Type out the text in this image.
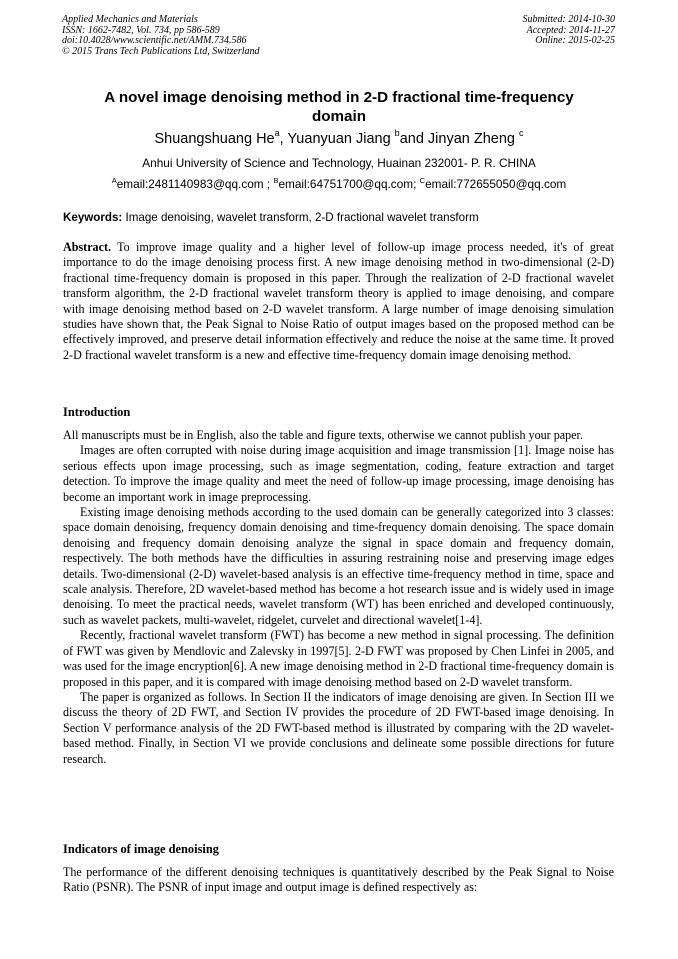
Applied Mechanics and Materials
ISSN: 1662-7482, Vol. 734, pp 586-589
doi:10.4028/www.scientific.net/AMM.734.586
© 2015 Trans Tech Publications Ltd, Switzerland
Submitted: 2014-10-30
Accepted: 2014-11-27
Online: 2015-02-25
A novel image denoising method in 2-D fractional time-frequency domain
Shuangshuang He$^a$, Yuanyuan Jiang $^b$and Jinyan Zheng $^c$
Anhui University of Science and Technology, Huainan 232001- P. R. CHINA
$^A$email:2481140983@qq.com ; $^B$email:64751700@qq.com; $^C$email:772655050@qq.com
Keywords: Image denoising, wavelet transform, 2-D fractional wavelet transform
Abstract. To improve image quality and a higher level of follow-up image process needed, it's of great importance to do the image denoising process first. A new image denoising method in two-dimensional (2-D) fractional time-frequency domain is proposed in this paper. Through the realization of 2-D fractional wavelet transform algorithm, the 2-D fractional wavelet transform theory is applied to image denoising, and compare with image denoising method based on 2-D wavelet transform. A large number of image denoising simulation studies have shown that, the Peak Signal to Noise Ratio of output images based on the proposed method can be effectively improved, and preserve detail information effectively and reduce the noise at the same time. It proved 2-D fractional wavelet transform is a new and effective time-frequency domain image denoising method.
Introduction

All manuscripts must be in English, also the table and figure texts, otherwise we cannot publish your paper.

Images are often corrupted with noise during image acquisition and image transmission [1]. Image noise has serious effects upon image processing, such as image segmentation, coding, feature extraction and target detection. To improve the image quality and meet the need of follow-up image processing, image denoising has become an important work in image preprocessing.

Existing image denoising methods according to the used domain can be generally categorized into 3 classes: space domain denoising, frequency domain denoising and time-frequency domain denoising. The space domain denoising and frequency domain denoising analyze the signal in space domain and frequency domain, respectively. The both methods have the difficulties in assuring restraining noise and preserving image edges details. Two-dimensional (2-D) wavelet-based analysis is an effective time-frequency method in time, space and scale analysis. Therefore, 2D wavelet-based method has become a hot research issue and is widely used in image denoising. To meet the practical needs, wavelet transform (WT) has been enriched and developed continuously, such as wavelet packets, multi-wavelet, ridgelet, curvelet and directional wavelet[1-4].

Recently, fractional wavelet transform (FWT) has become a new method in signal processing. The definition of FWT was given by Mendlovic and Zalevsky in 1997[5]. 2-D FWT was proposed by Chen Linfei in 2005, and was used for the image encryption[6]. A new image denoising method in 2-D fractional time-frequency domain is proposed in this paper, and it is compared with image denoising method based on 2-D wavelet transform.

The paper is organized as follows. In Section II the indicators of image denoising are given. In Section III we discuss the theory of 2D FWT, and Section IV provides the procedure of 2D FWT-based image denoising. In Section V performance analysis of the 2D FWT-based method is illustrated by comparing with the 2D wavelet-based method. Finally, in Section VI we provide conclusions and delineate some possible directions for future research.

Indicators of image denoising

The performance of the different denoising techniques is quantitatively described by the Peak Signal to Noise Ratio (PSNR). The PSNR of input image and output image is defined respectively as:
